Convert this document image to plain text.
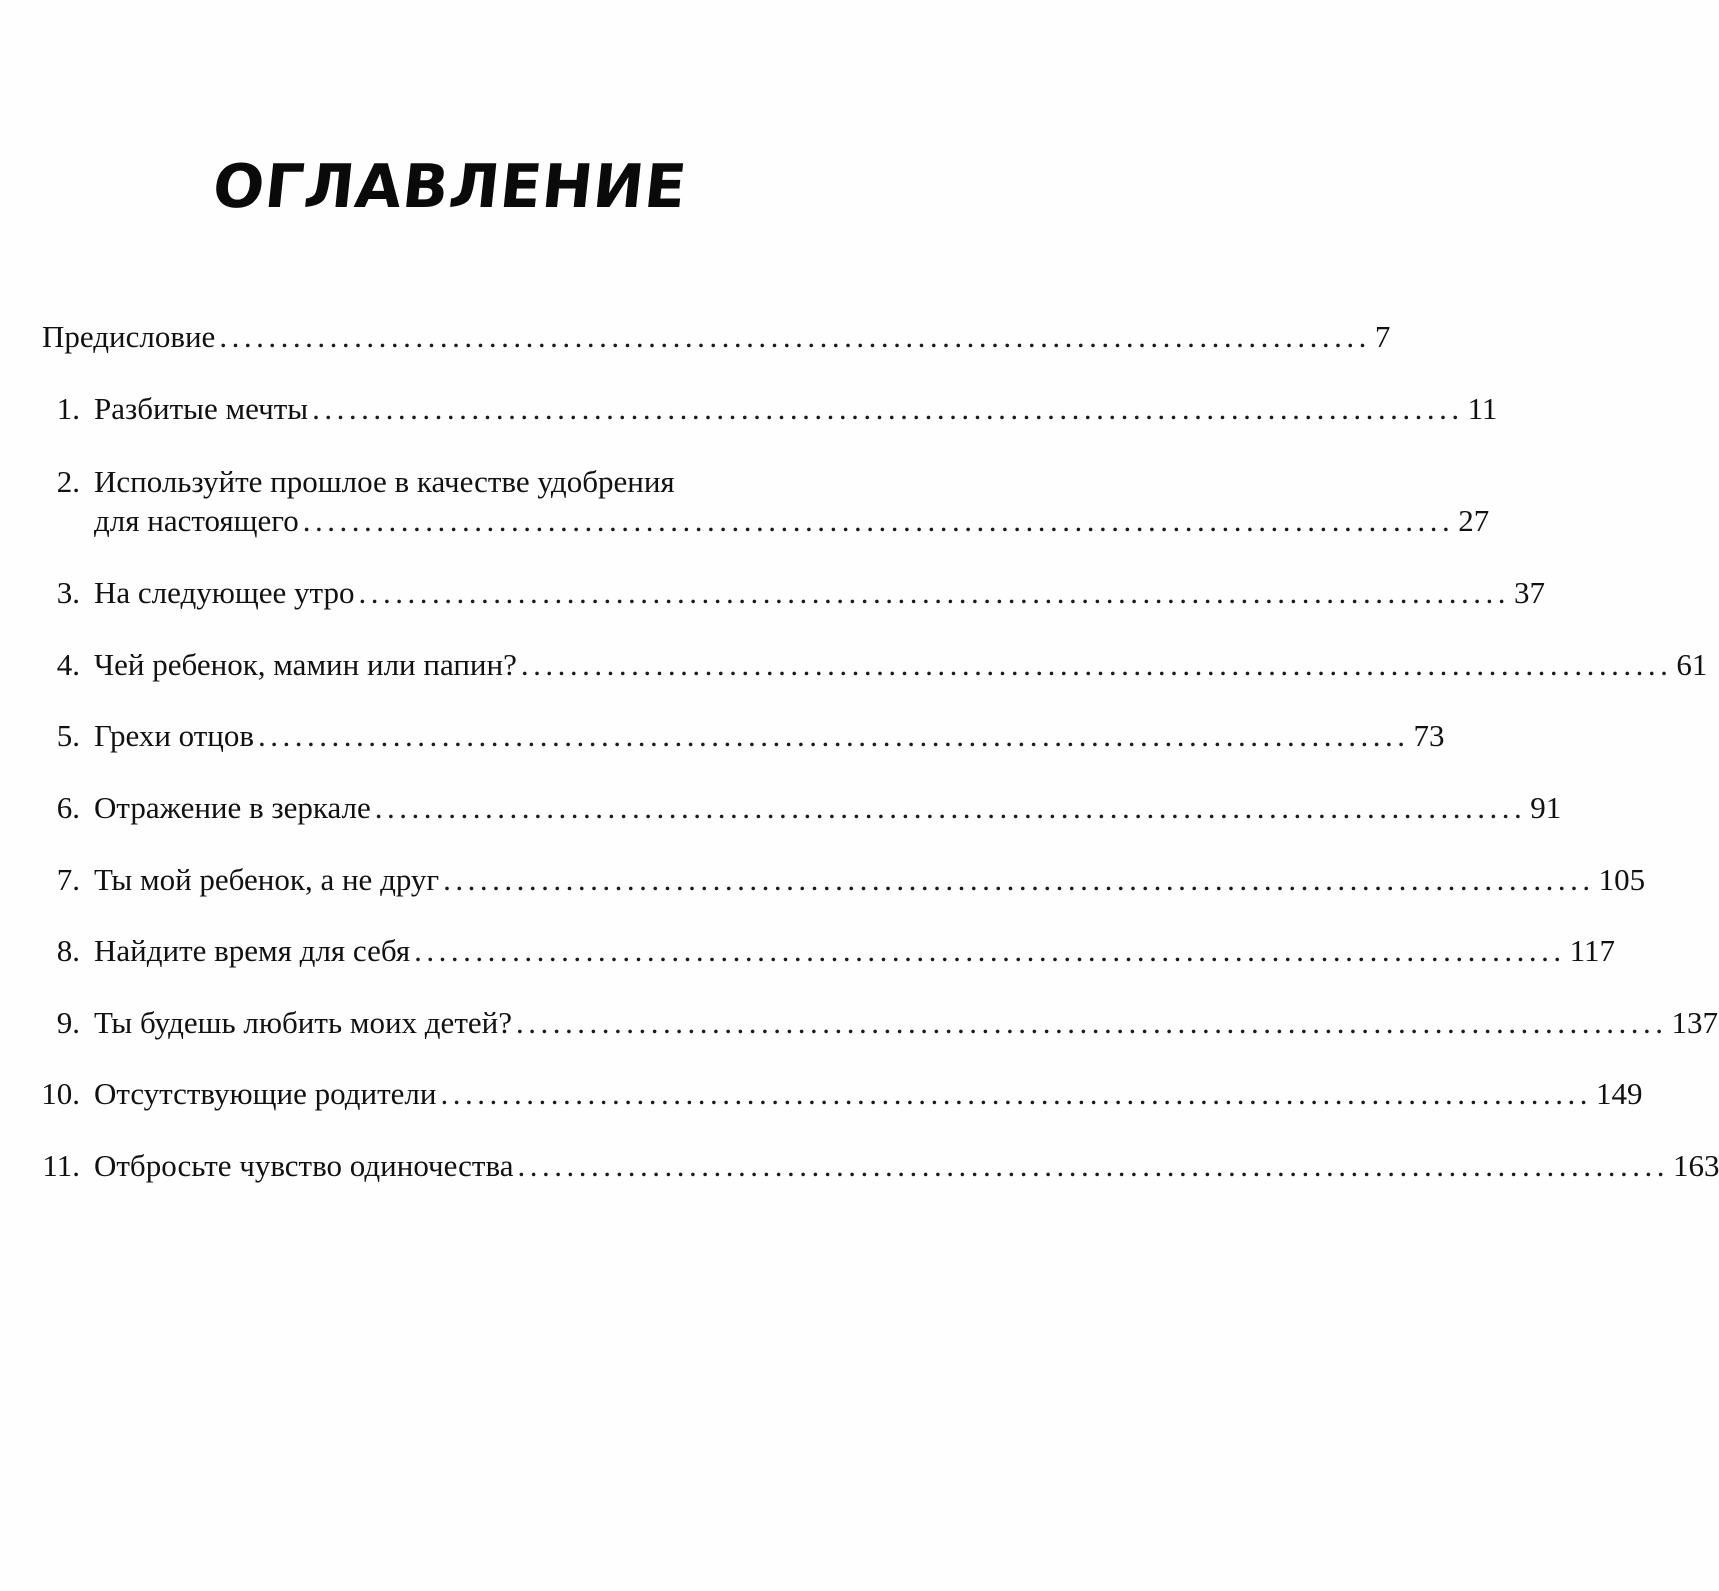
ОГЛАВЛЕНИЕ
Предисловие .............................................................................................. 7
1. Разбитые мечты .............................................................................................. 11
2. Используйте прошлое в качестве удобрения
для настоящего .............................................................................................. 27
3. На следующее утро .............................................................................................. 37
4. Чей ребенок, мамин или папин? .............................................................................................. 61
5. Грехи отцов .............................................................................................. 73
6. Отражение в зеркале .............................................................................................. 91
7. Ты мой ребенок, а не друг .............................................................................................. 105
8. Найдите время для себя .............................................................................................. 117
9. Ты будешь любить моих детей? .............................................................................................. 137
10. Отсутствующие родители .............................................................................................. 149
11. Отбросьте чувство одиночества .............................................................................................. 163
